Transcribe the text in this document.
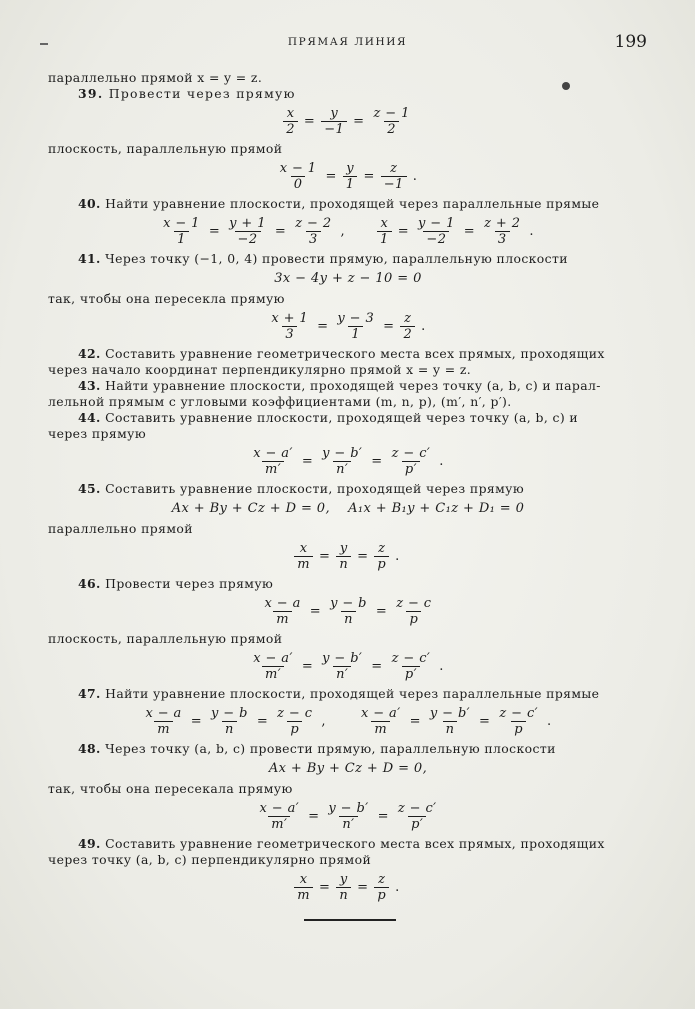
ПРЯМАЯ ЛИНИЯ	199

параллельно прямой x = y = z.

39. Провести через прямую

$\frac{x}{2} = \frac{y}{-1} = \frac{z - 1}{2}$

плоскость, параллельную прямой

$\frac{x - 1}{0} = \frac{y}{1} = \frac{z}{-1}$ .

40. Найти уравнение плоскости, проходящей через параллельные прямые

$\frac{x - 1}{1} = \frac{y + 1}{-2} = \frac{z - 2}{3}$ , $\frac{x}{1} = \frac{y - 1}{-2} = \frac{z + 2}{3}$ .

41. Через точку (−1, 0, 4) провести прямую, параллельную плоскости

3x − 4y + z − 10 = 0

так, чтобы она пересекла прямую

$\frac{x + 1}{3} = \frac{y - 3}{1} = \frac{z}{2}$ .

42. Составить уравнение геометрического места всех прямых, проходящих

через начало координат перпендикулярно прямой x = y = z.

43. Найти уравнение плоскости, проходящей через точку (a, b, c) и парал-

лельной прямым с угловыми коэффициентами (m, n, p), (m′, n′, p′).

44. Составить уравнение плоскости, проходящей через точку (a, b, c) и

через прямую

$\frac{x - a'}{m'} = \frac{y - b'}{n'} = \frac{z - c'}{p'}$ .

45. Составить уравнение плоскости, проходящей через прямую

Ax + By + Cz + D = 0,    A₁x + B₁y + C₁z + D₁ = 0

параллельно прямой

$\frac{x}{m} = \frac{y}{n} = \frac{z}{p}$ .

46. Провести через прямую

$\frac{x - a}{m} = \frac{y - b}{n} = \frac{z - c}{p}$

плоскость, параллельную прямой

$\frac{x - a'}{m'} = \frac{y - b'}{n'} = \frac{z - c'}{p'}$ .

47. Найти уравнение плоскости, проходящей через параллельные прямые

$\frac{x - a}{m} = \frac{y - b}{n} = \frac{z - c}{p}$ , $\frac{x - a'}{m} = \frac{y - b'}{n} = \frac{z - c'}{p}$ .

48. Через точку (a, b, c) провести прямую, параллельную плоскости

Ax + By + Cz + D = 0,

так, чтобы она пересекала прямую

$\frac{x - a'}{m'} = \frac{y - b'}{n'} = \frac{z - c'}{p'}$

49. Составить уравнение геометрического места всех прямых, проходящих

через точку (a, b, c) перпендикулярно прямой

$\frac{x}{m} = \frac{y}{n} = \frac{z}{p}$ .
